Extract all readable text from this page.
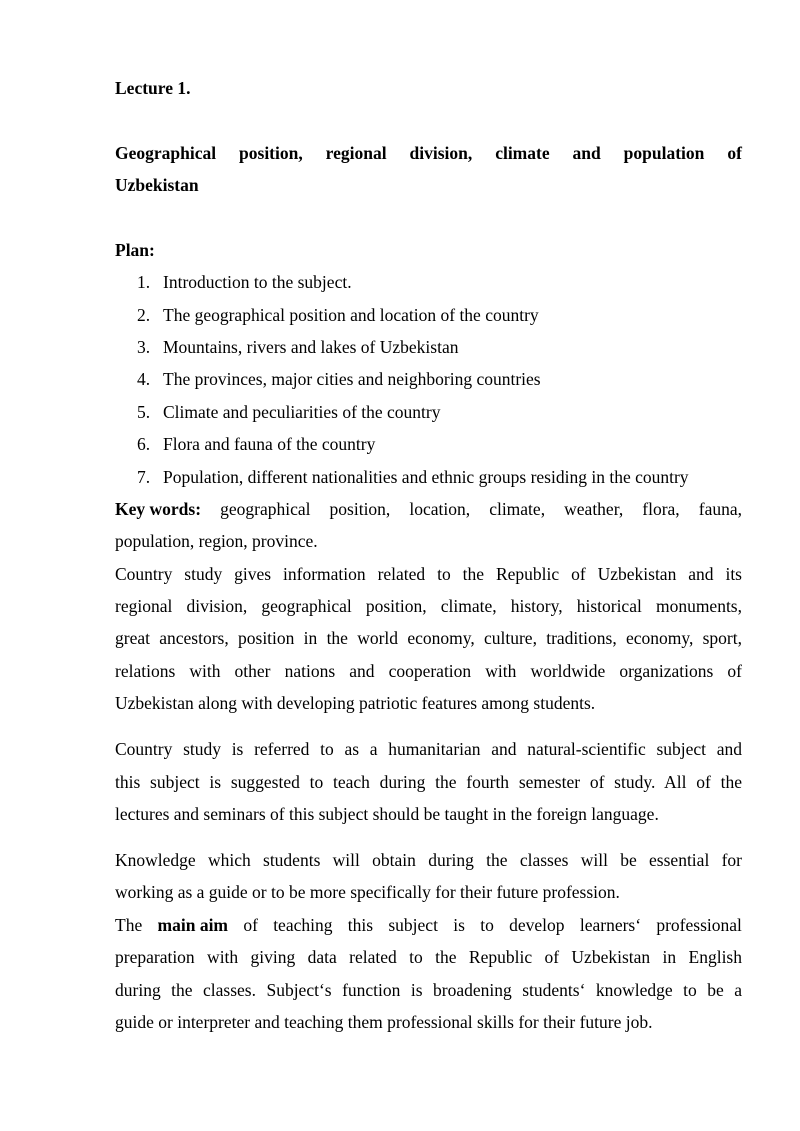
Lecture 1.
Geographical position, regional division, climate and population of
Uzbekistan
Plan:
1. Introduction to the subject.
2. The geographical position and location of the country
3. Mountains, rivers and lakes of Uzbekistan
4. The provinces, major cities and neighboring countries
5. Climate and peculiarities of the country
6. Flora and fauna of the country
7. Population, different nationalities and ethnic groups residing in the country
Key words: geographical position, location, climate, weather, flora, fauna,
population, region, province.
Country study gives information related to the Republic of Uzbekistan and its
regional division, geographical position, climate, history, historical monuments,
great ancestors, position in the world economy, culture, traditions, economy, sport,
relations with other nations and cooperation with worldwide organizations of
Uzbekistan along with developing patriotic features among students.
Country study is referred to as a humanitarian and natural-scientific subject and
this subject is suggested to teach during the fourth semester of study. All of the
lectures and seminars of this subject should be taught in the foreign language.
Knowledge which students will obtain during the classes will be essential for
working as a guide or to be more specifically for their future profession.
The main aim of teaching this subject is to develop learners‘ professional
preparation with giving data related to the Republic of Uzbekistan in English
during the classes. Subject‘s function is broadening students‘ knowledge to be a
guide or interpreter and teaching them professional skills for their future job.
